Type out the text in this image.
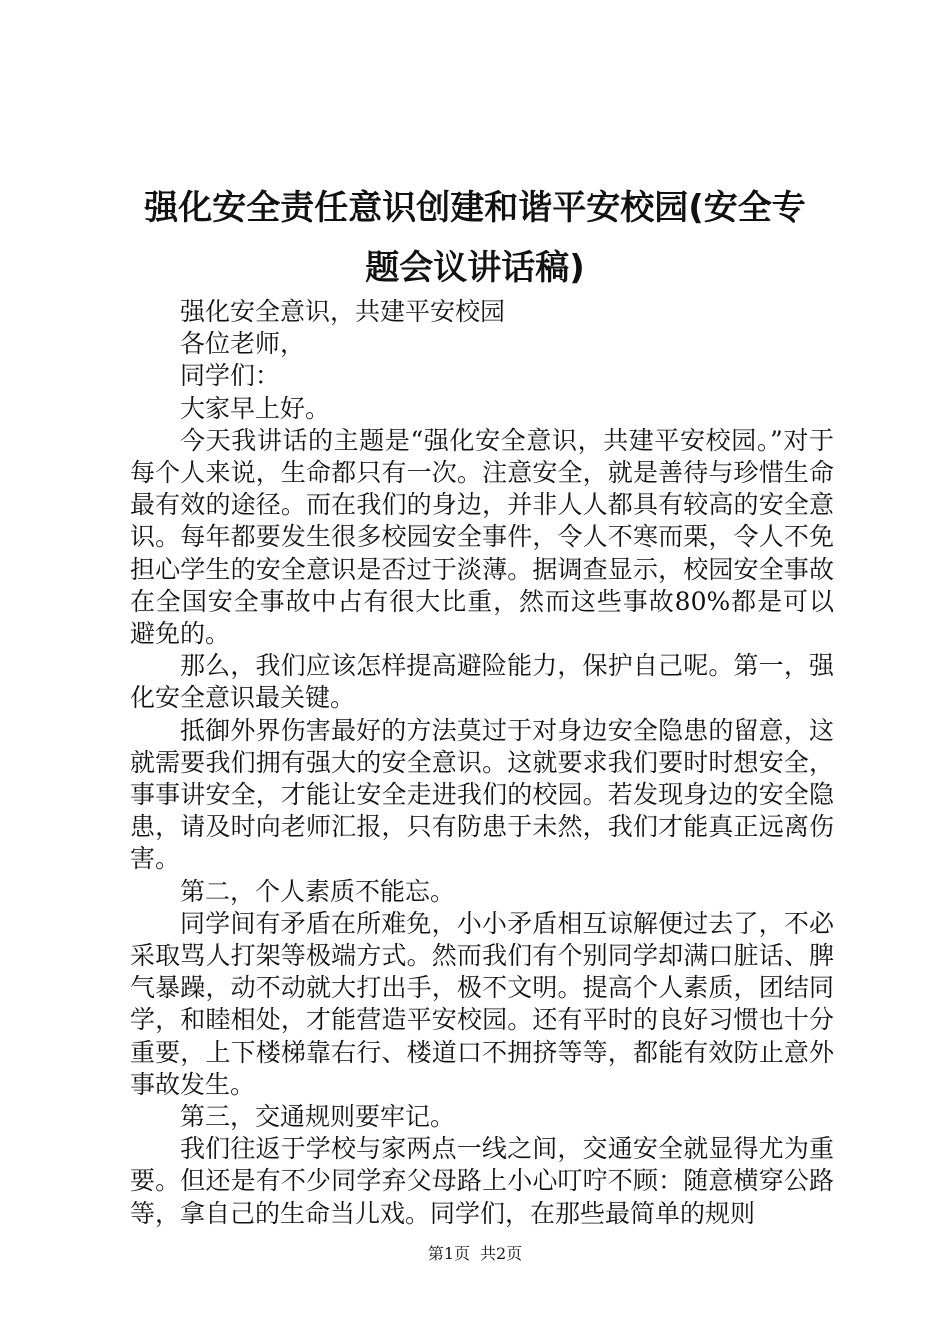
强化安全责任意识创建和谐平安校园(安全专
题会议讲话稿)

强化安全意识，共建平安校园

各位老师，

同学们：

大家早上好。

今天我讲话的主题是“强化安全意识，共建平安校园。”对于每个人来说，生命都只有一次。注意安全，就是善待与珍惜生命最有效的途径。而在我们的身边，并非人人都具有较高的安全意识。每年都要发生很多校园安全事件，令人不寒而栗，令人不免担心学生的安全意识是否过于淡薄。据调查显示，校园安全事故在全国安全事故中占有很大比重，然而这些事故80%都是可以避免的。

那么，我们应该怎样提高避险能力，保护自己呢。第一，强化安全意识最关键。

抵御外界伤害最好的方法莫过于对身边安全隐患的留意，这就需要我们拥有强大的安全意识。这就要求我们要时时想安全，事事讲安全，才能让安全走进我们的校园。若发现身边的安全隐患，请及时向老师汇报，只有防患于未然，我们才能真正远离伤害。

第二，个人素质不能忘。

同学间有矛盾在所难免，小小矛盾相互谅解便过去了，不必采取骂人打架等极端方式。然而我们有个别同学却满口脏话、脾气暴躁，动不动就大打出手，极不文明。提高个人素质，团结同学，和睦相处，才能营造平安校园。还有平时的良好习惯也十分重要，上下楼梯靠右行、楼道口不拥挤等等，都能有效防止意外事故发生。

第三，交通规则要牢记。

我们往返于学校与家两点一线之间，交通安全就显得尤为重要。但还是有不少同学弃父母路上小心叮咛不顾：随意横穿公路等，拿自己的生命当儿戏。同学们，在那些最简单的规则

第1页 共2页
